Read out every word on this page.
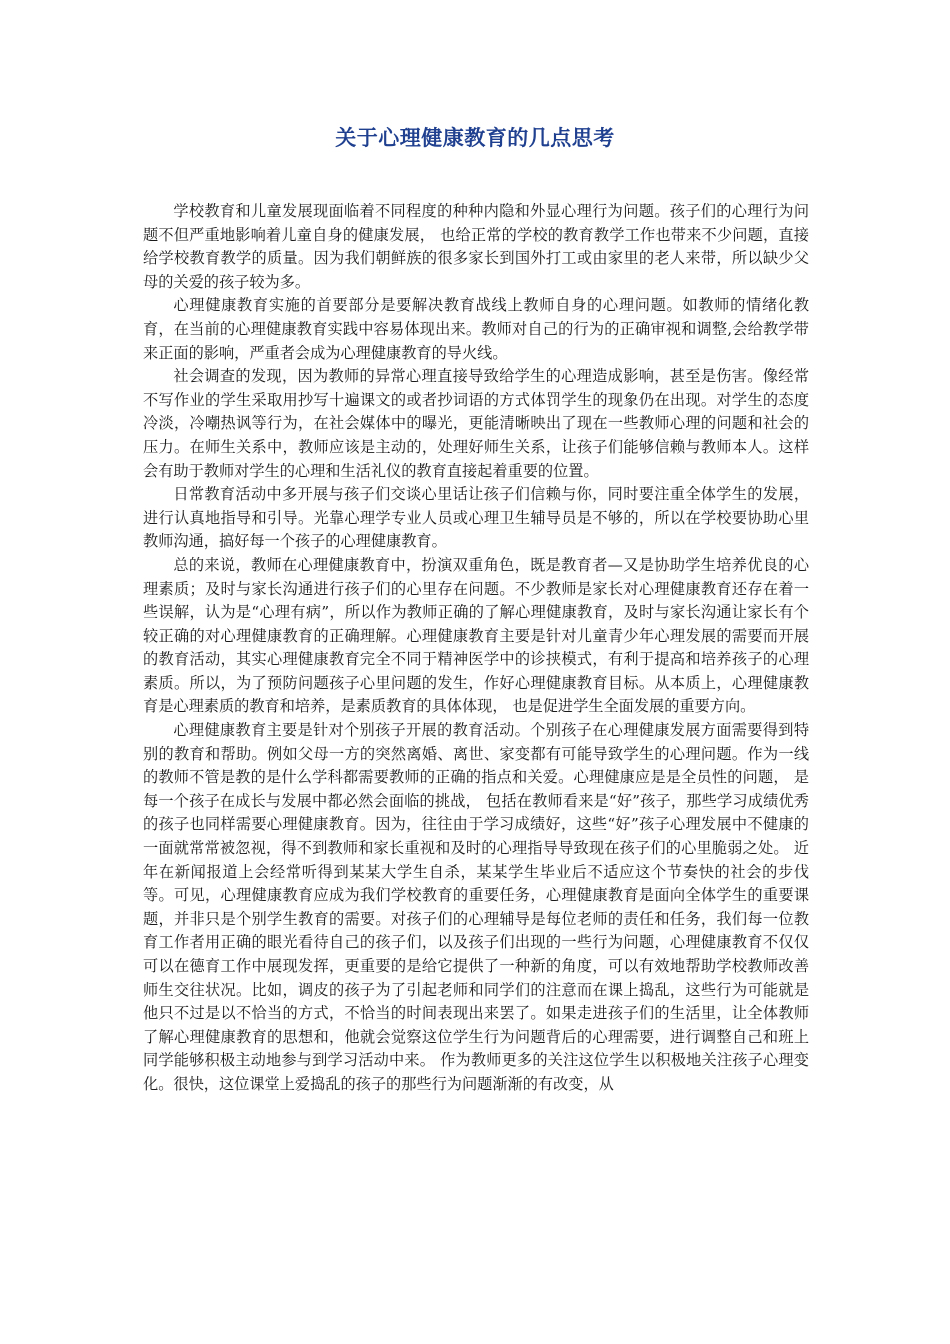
关于心理健康教育的几点思考

学校教育和儿童发展现面临着不同程度的种种内隐和外显心理行为问题。孩子们的心理行为问题不但严重地影响着儿童自身的健康发展， 也给正常的学校的教育教学工作也带来不少问题，直接给学校教育教学的质量。因为我们朝鲜族的很多家长到国外打工或由家里的老人来带，所以缺少父母的关爱的孩子较为多。

心理健康教育实施的首要部分是要解决教育战线上教师自身的心理问题。如教师的情绪化教育，在当前的心理健康教育实践中容易体现出来。教师对自己的行为的正确审视和调整,会给教学带来正面的影响，严重者会成为心理健康教育的导火线。

社会调查的发现，因为教师的异常心理直接导致给学生的心理造成影响，甚至是伤害。像经常不写作业的学生采取用抄写十遍课文的或者抄词语的方式体罚学生的现象仍在出现。对学生的态度冷淡，冷嘲热讽等行为，在社会媒体中的曝光，更能清晰映出了现在一些教师心理的问题和社会的压力。在师生关系中，教师应该是主动的，处理好师生关系，让孩子们能够信赖与教师本人。这样会有助于教师对学生的心理和生活礼仪的教育直接起着重要的位置。

日常教育活动中多开展与孩子们交谈心里话让孩子们信赖与你，同时要注重全体学生的发展，进行认真地指导和引导。光靠心理学专业人员或心理卫生辅导员是不够的，所以在学校要协助心里教师沟通，搞好每一个孩子的心理健康教育。

总的来说，教师在心理健康教育中，扮演双重角色，既是教育者—又是协助学生培养优良的心理素质；及时与家长沟通进行孩子们的心里存在问题。不少教师是家长对心理健康教育还存在着一些误解，认为是“心理有病”，所以作为教师正确的了解心理健康教育，及时与家长沟通让家长有个较正确的对心理健康教育的正确理解。心理健康教育主要是针对儿童青少年心理发展的需要而开展的教育活动，其实心理健康教育完全不同于精神医学中的诊挟模式，有利于提高和培养孩子的心理素质。所以，为了预防问题孩子心里问题的发生，作好心理健康教育目标。从本质上，心理健康教育是心理素质的教育和培养，是素质教育的具体体现， 也是促进学生全面发展的重要方向。

心理健康教育主要是针对个别孩子开展的教育活动。个别孩子在心理健康发展方面需要得到特别的教育和帮助。例如父母一方的突然离婚、离世、家变都有可能导致学生的心理问题。作为一线的教师不管是教的是什么学科都需要教师的正确的指点和关爱。心理健康应是是全员性的问题， 是每一个孩子在成长与发展中都必然会面临的挑战， 包括在教师看来是“好”孩子，那些学习成绩优秀的孩子也同样需要心理健康教育。因为，往往由于学习成绩好，这些“好”孩子心理发展中不健康的一面就常常被忽视，得不到教师和家长重视和及时的心理指导导致现在孩子们的心里脆弱之处。 近年在新闻报道上会经常听得到某某大学生自杀，某某学生毕业后不适应这个节奏快的社会的步伐等。可见，心理健康教育应成为我们学校教育的重要任务，心理健康教育是面向全体学生的重要课题，并非只是个别学生教育的需要。对孩子们的心理辅导是每位老师的责任和任务，我们每一位教育工作者用正确的眼光看待自己的孩子们，以及孩子们出现的一些行为问题，心理健康教育不仅仅可以在德育工作中展现发挥，更重要的是给它提供了一种新的角度，可以有效地帮助学校教师改善师生交往状况。比如，调皮的孩子为了引起老师和同学们的注意而在课上捣乱，这些行为可能就是他只不过是以不恰当的方式，不恰当的时间表现出来罢了。如果走进孩子们的生活里，让全体教师了解心理健康教育的思想和，他就会觉察这位学生行为问题背后的心理需要，进行调整自己和班上同学能够积极主动地参与到学习活动中来。 作为教师更多的关注这位学生以积极地关注孩子心理变化。很快，这位课堂上爱捣乱的孩子的那些行为问题渐渐的有改变，从
